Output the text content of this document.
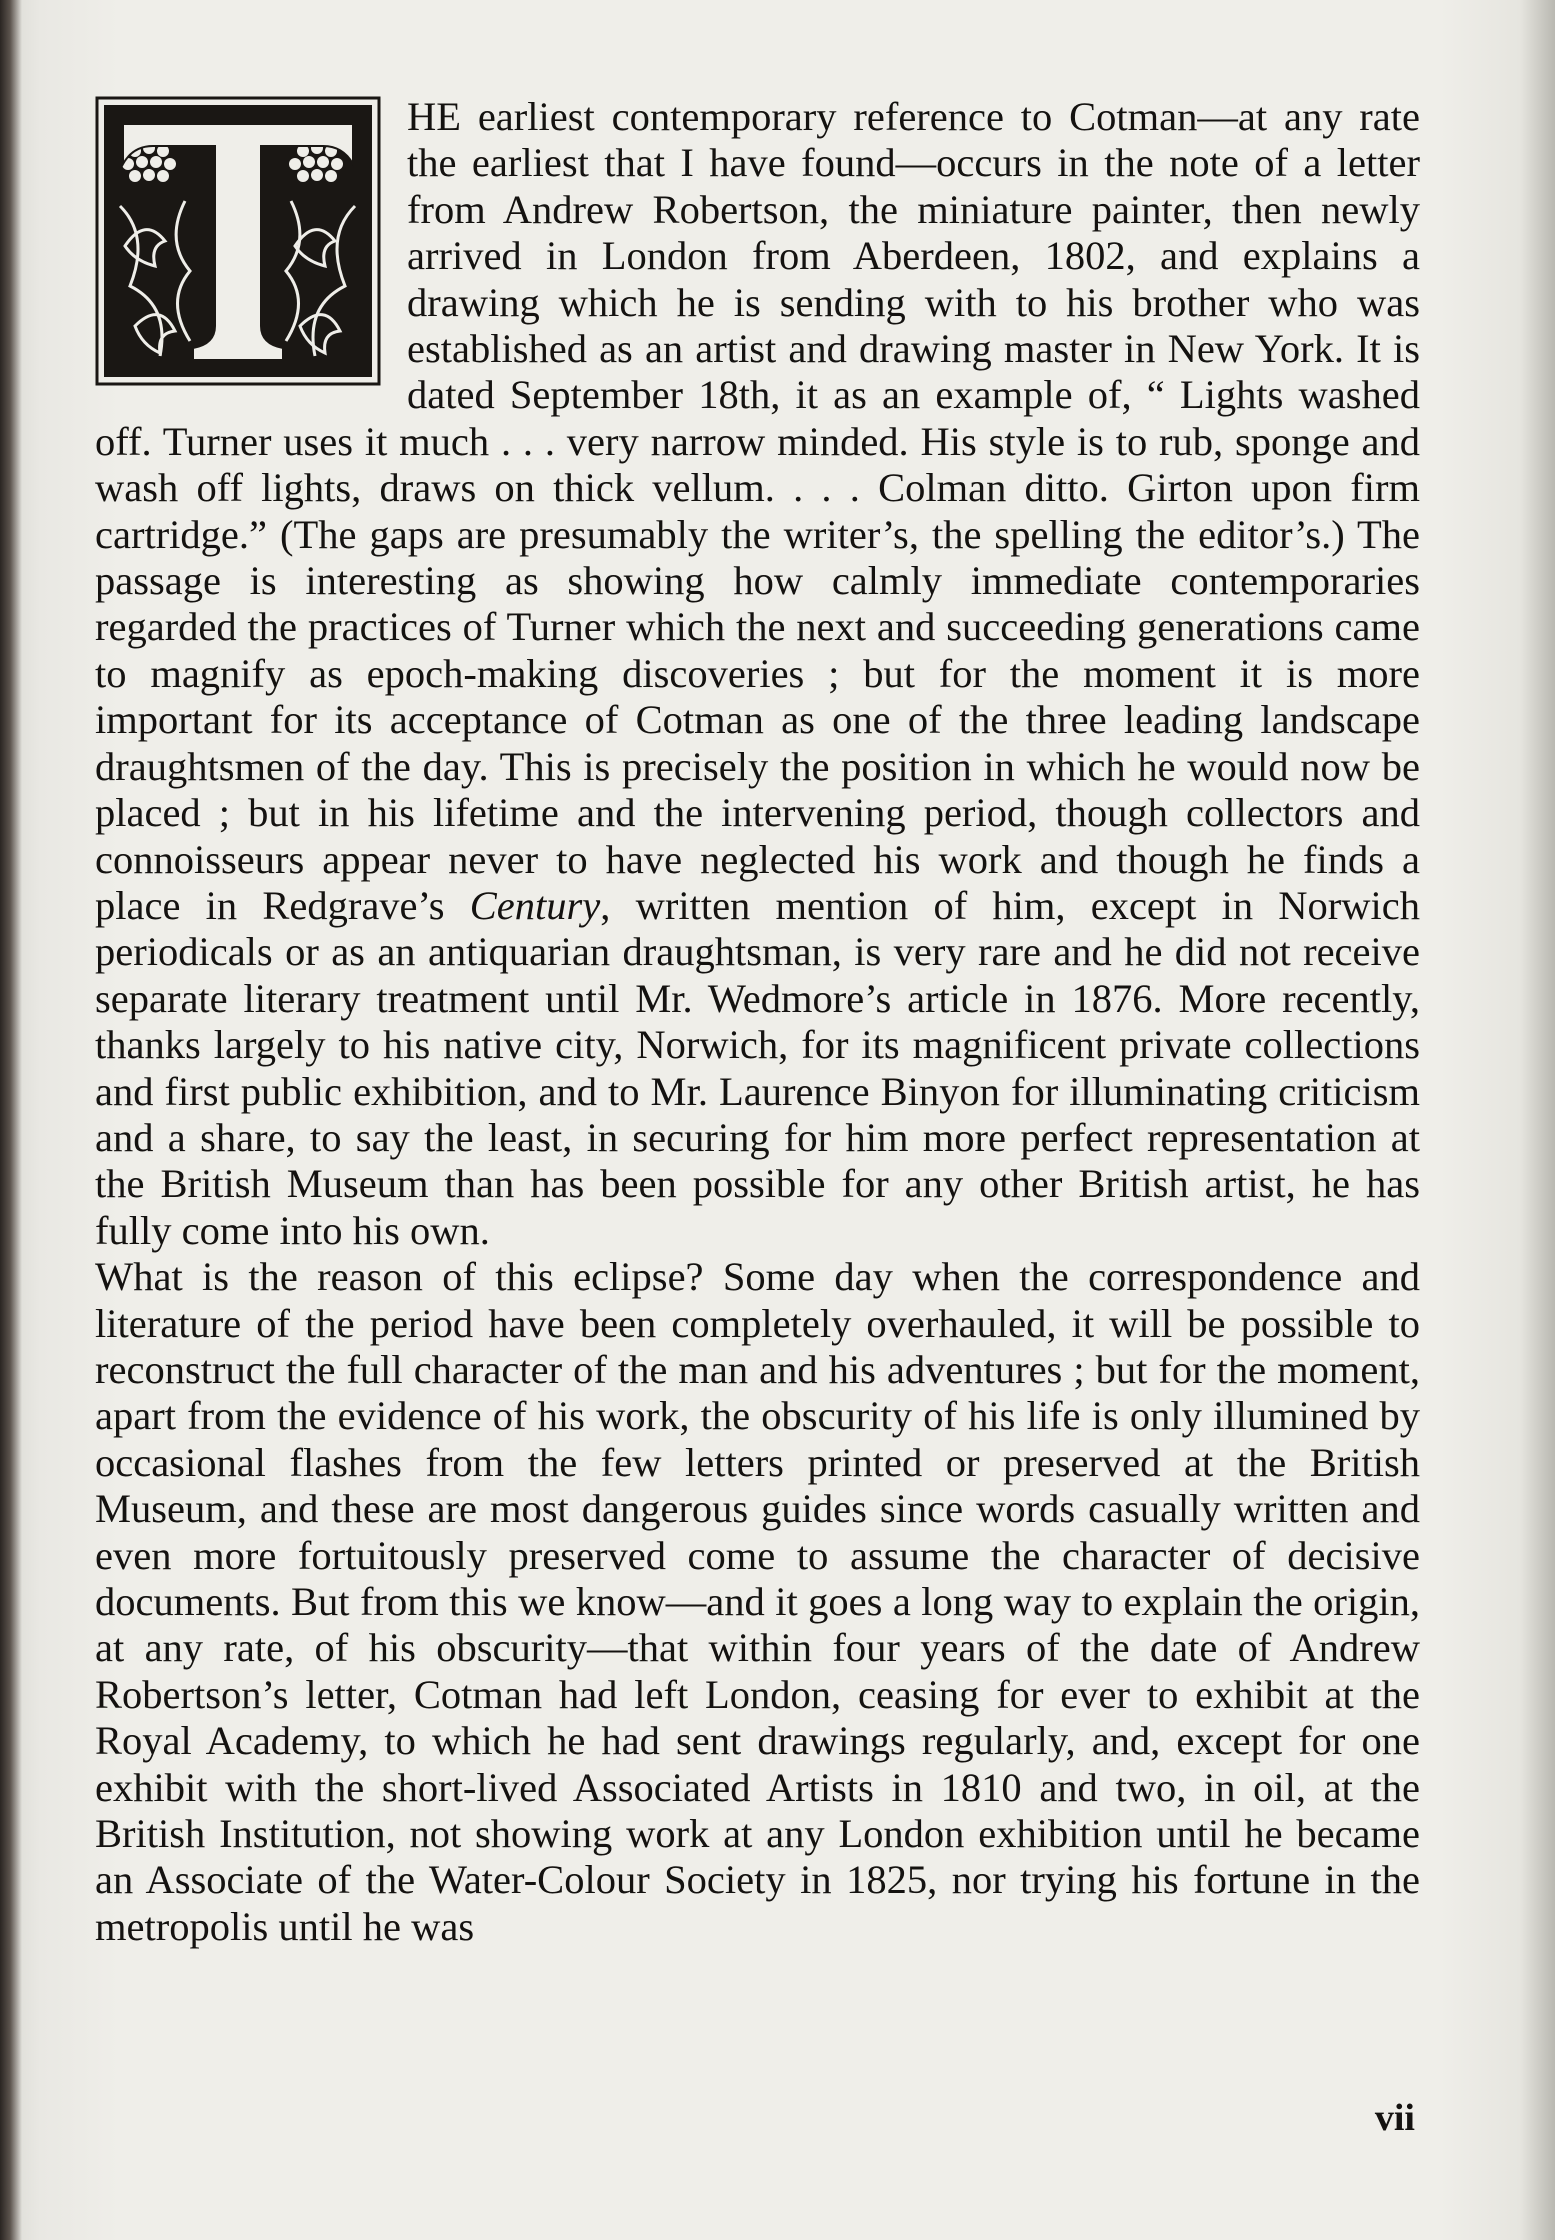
HE earliest contemporary reference to Cotman—at any rate the earliest that I have found—occurs in the note of a letter from Andrew Robertson, the miniature painter, then newly arrived in London from Aberdeen, 1802, and explains a drawing which he is sending with to his brother who was established as an artist and drawing master in New York. It is dated September 18th, it as an example of, “ Lights washed off. Turner uses it much . . . very narrow minded. His style is to rub, sponge and wash off lights, draws on thick vellum. . . . Colman ditto. Girton upon firm cartridge.” (The gaps are presumably the writer’s, the spelling the editor’s.) The passage is interesting as showing how calmly immediate contemporaries regarded the practices of Turner which the next and succeeding generations came to magnify as epoch-making discoveries ; but for the moment it is more important for its acceptance of Cotman as one of the three leading landscape draughtsmen of the day. This is precisely the position in which he would now be placed ; but in his lifetime and the intervening period, though collectors and connoisseurs appear never to have neglected his work and though he finds a place in Redgrave’s Century, written mention of him, except in Norwich periodicals or as an antiquarian draughtsman, is very rare and he did not receive separate literary treatment until Mr. Wedmore’s article in 1876. More recently, thanks largely to his native city, Norwich, for its magnificent private collections and first public exhibition, and to Mr. Laurence Binyon for illuminating criticism and a share, to say the least, in securing for him more perfect representation at the British Museum than has been possible for any other British artist, he has fully come into his own.

What is the reason of this eclipse? Some day when the correspondence and literature of the period have been completely overhauled, it will be possible to reconstruct the full character of the man and his adventures ; but for the moment, apart from the evidence of his work, the obscurity of his life is only illumined by occasional flashes from the few letters printed or preserved at the British Museum, and these are most dangerous guides since words casually written and even more fortuitously preserved come to assume the character of decisive documents. But from this we know—and it goes a long way to explain the origin, at any rate, of his obscurity—that within four years of the date of Andrew Robertson’s letter, Cotman had left London, ceasing for ever to exhibit at the Royal Academy, to which he had sent drawings regularly, and, except for one exhibit with the short-lived Associated Artists in 1810 and two, in oil, at the British Institution, not showing work at any London exhibition until he became an Associate of the Water-Colour Society in 1825, nor trying his fortune in the metropolis until he was

vii
